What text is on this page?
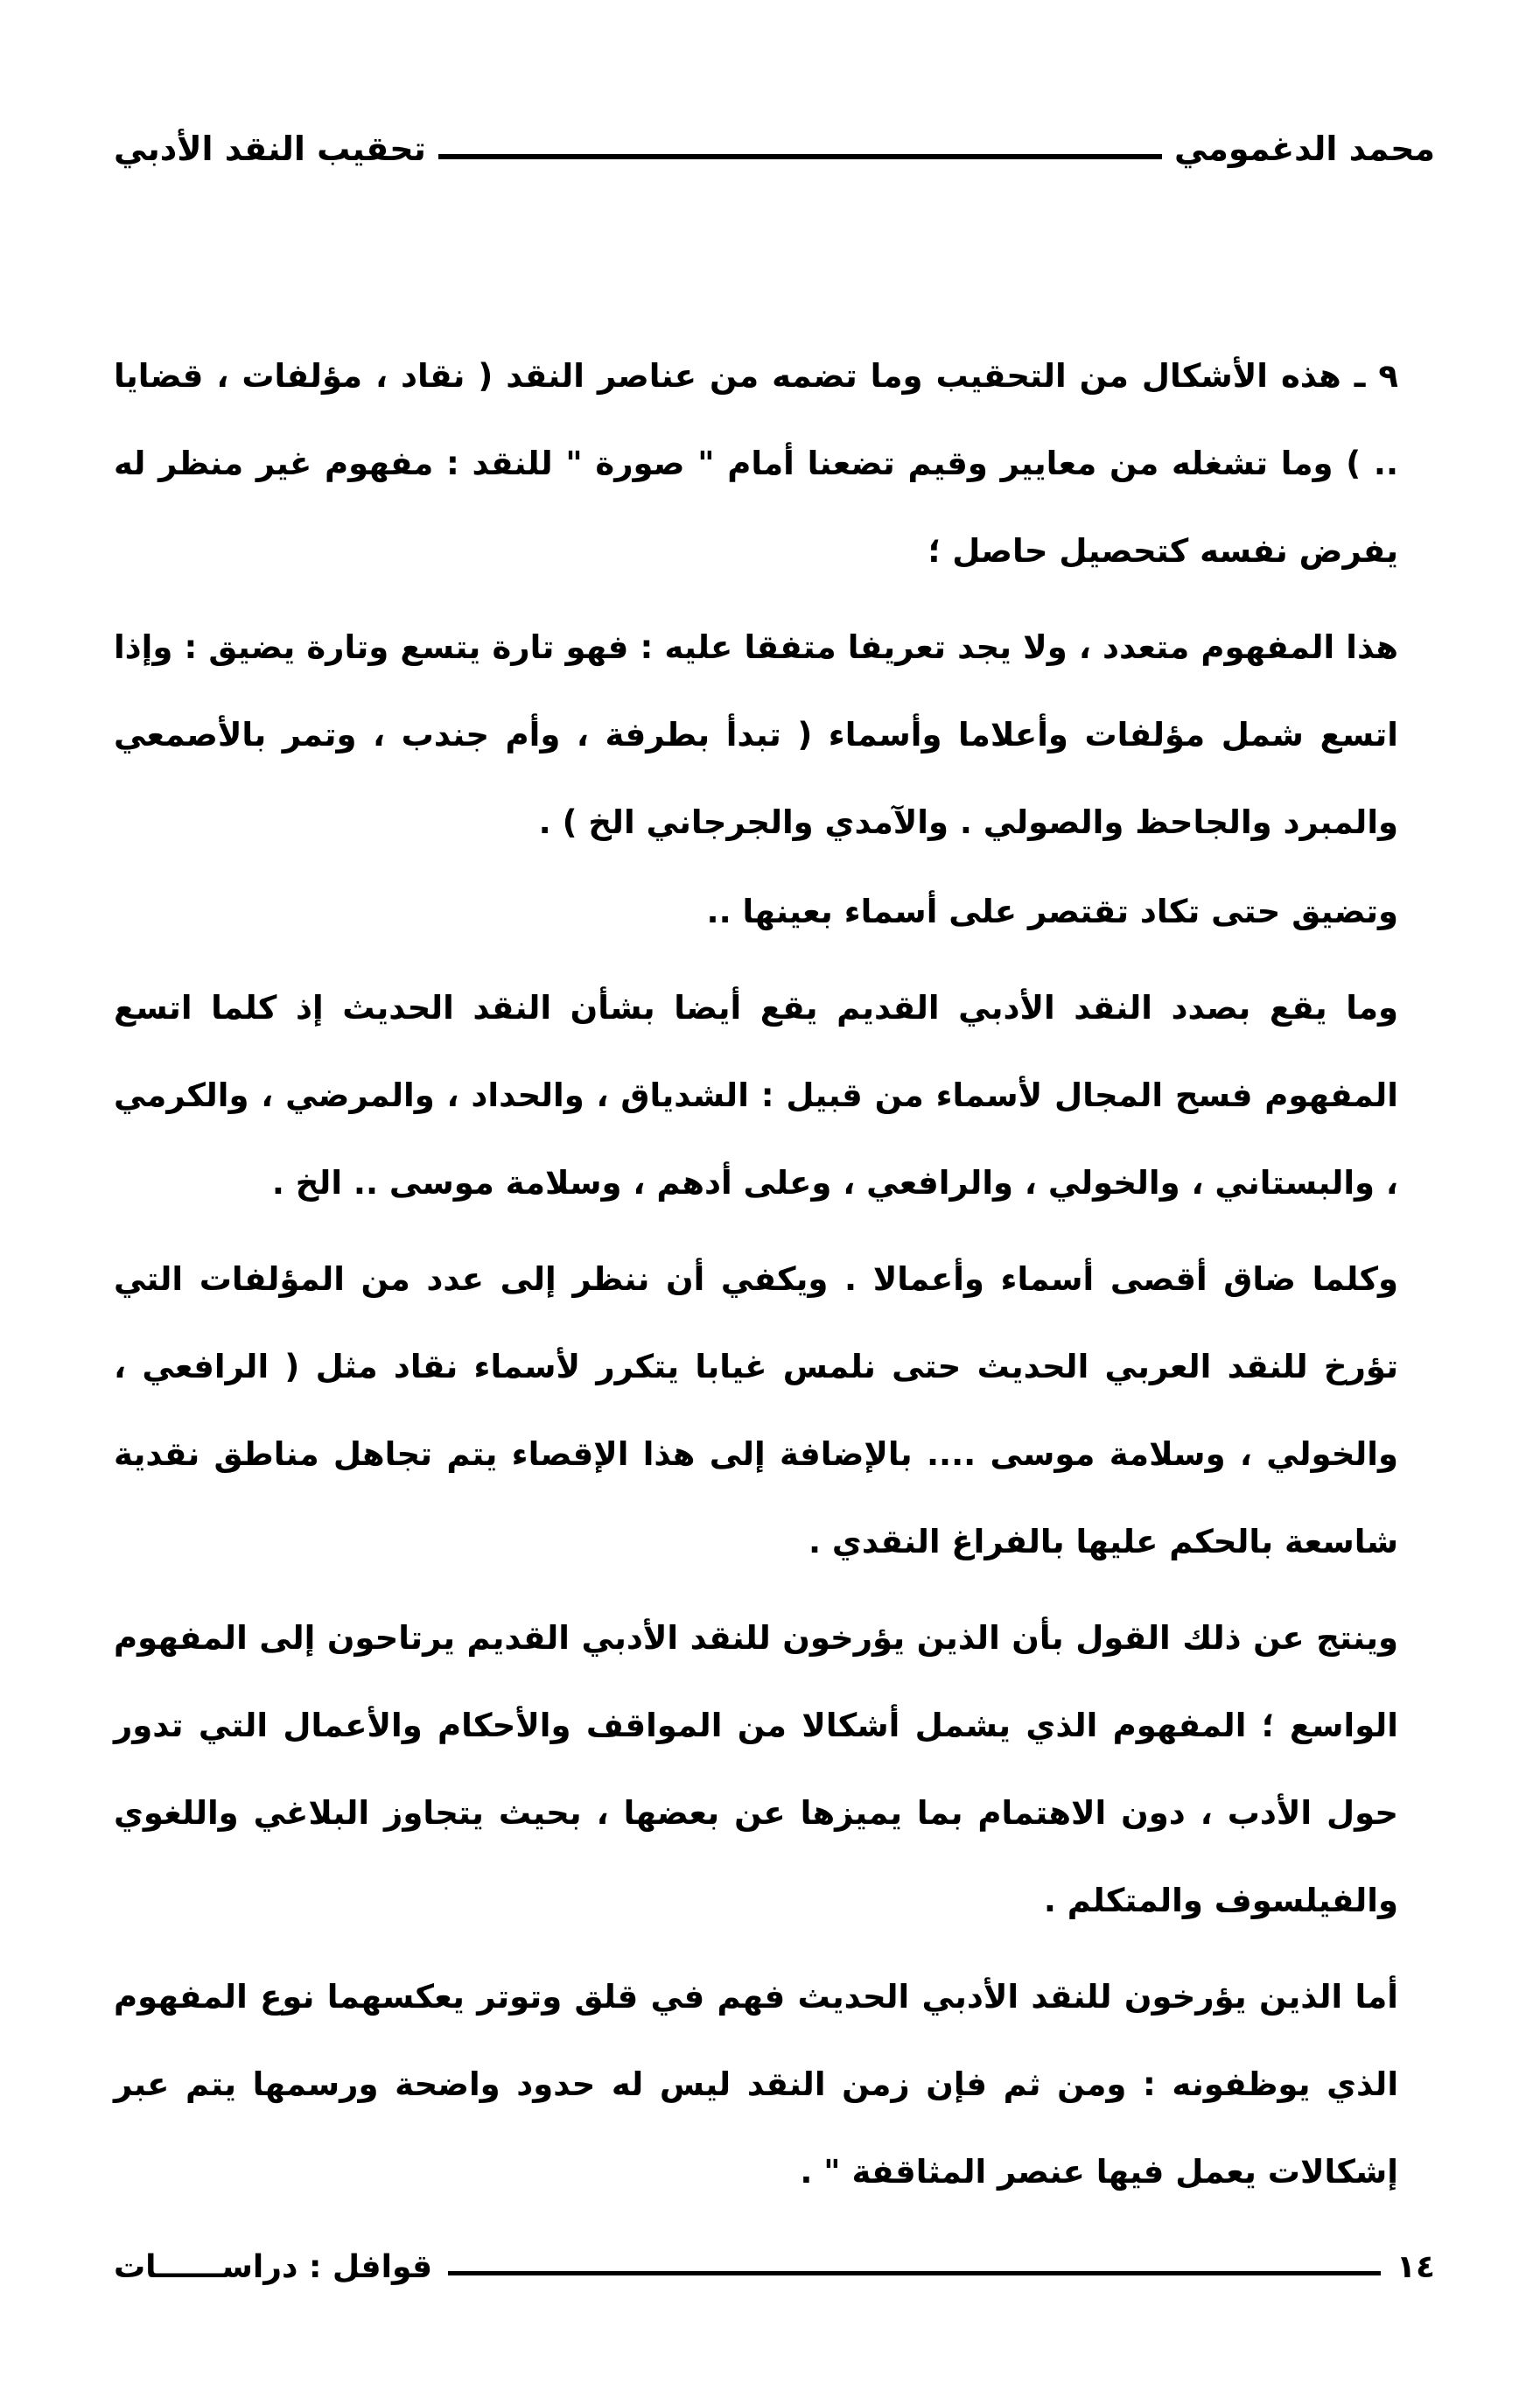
تحقيب النقد الأدبي	محمد الدغمومي

٩ ـ هذه الأشكال من التحقيب وما تضمه من عناصر النقد ( نقاد ، مؤلفات ، قضايا .. ) وما تشغله من معايير وقيم تضعنا أمام " صورة " للنقد : مفهوم غير منظر له يفرض نفسه كتحصيل حاصل ؛

هذا المفهوم متعدد ، ولا يجد تعريفا متفقا عليه : فهو تارة يتسع وتارة يضيق : وإذا اتسع شمل مؤلفات وأعلاما وأسماء ( تبدأ بطرفة ، وأم جندب ، وتمر بالأصمعي والمبرد والجاحظ والصولي . والآمدي والجرجاني الخ ) .

وتضيق حتى تكاد تقتصر على أسماء بعينها ..

وما يقع بصدد النقد الأدبي القديم يقع أيضا بشأن النقد الحديث إذ كلما اتسع المفهوم فسح المجال لأسماء من قبيل : الشدياق ، والحداد ، والمرضي ، والكرمي ، والبستاني ، والخولي ، والرافعي ، وعلى أدهم ، وسلامة موسى .. الخ .

وكلما ضاق أقصى أسماء وأعمالا . ويكفي أن ننظر إلى عدد من المؤلفات التي تؤرخ للنقد العربي الحديث حتى نلمس غيابا يتكرر لأسماء نقاد مثل ( الرافعي ، والخولي ، وسلامة موسى .... بالإضافة إلى هذا الإقصاء يتم تجاهل مناطق نقدية شاسعة بالحكم عليها بالفراغ النقدي .

وينتج عن ذلك القول بأن الذين يؤرخون للنقد الأدبي القديم يرتاحون إلى المفهوم الواسع ؛ المفهوم الذي يشمل أشكالا من المواقف والأحكام والأعمال التي تدور حول الأدب ، دون الاهتمام بما يميزها عن بعضها ، بحيث يتجاوز البلاغي واللغوي والفيلسوف والمتكلم .

أما الذين يؤرخون للنقد الأدبي الحديث فهم في قلق وتوتر يعكسهما نوع المفهوم الذي يوظفونه : ومن ثم فإن زمن النقد ليس له حدود واضحة ورسمها يتم عبر إشكالات يعمل فيها عنصر المثاقفة " .

قوافل : دراســــــات	١٤
